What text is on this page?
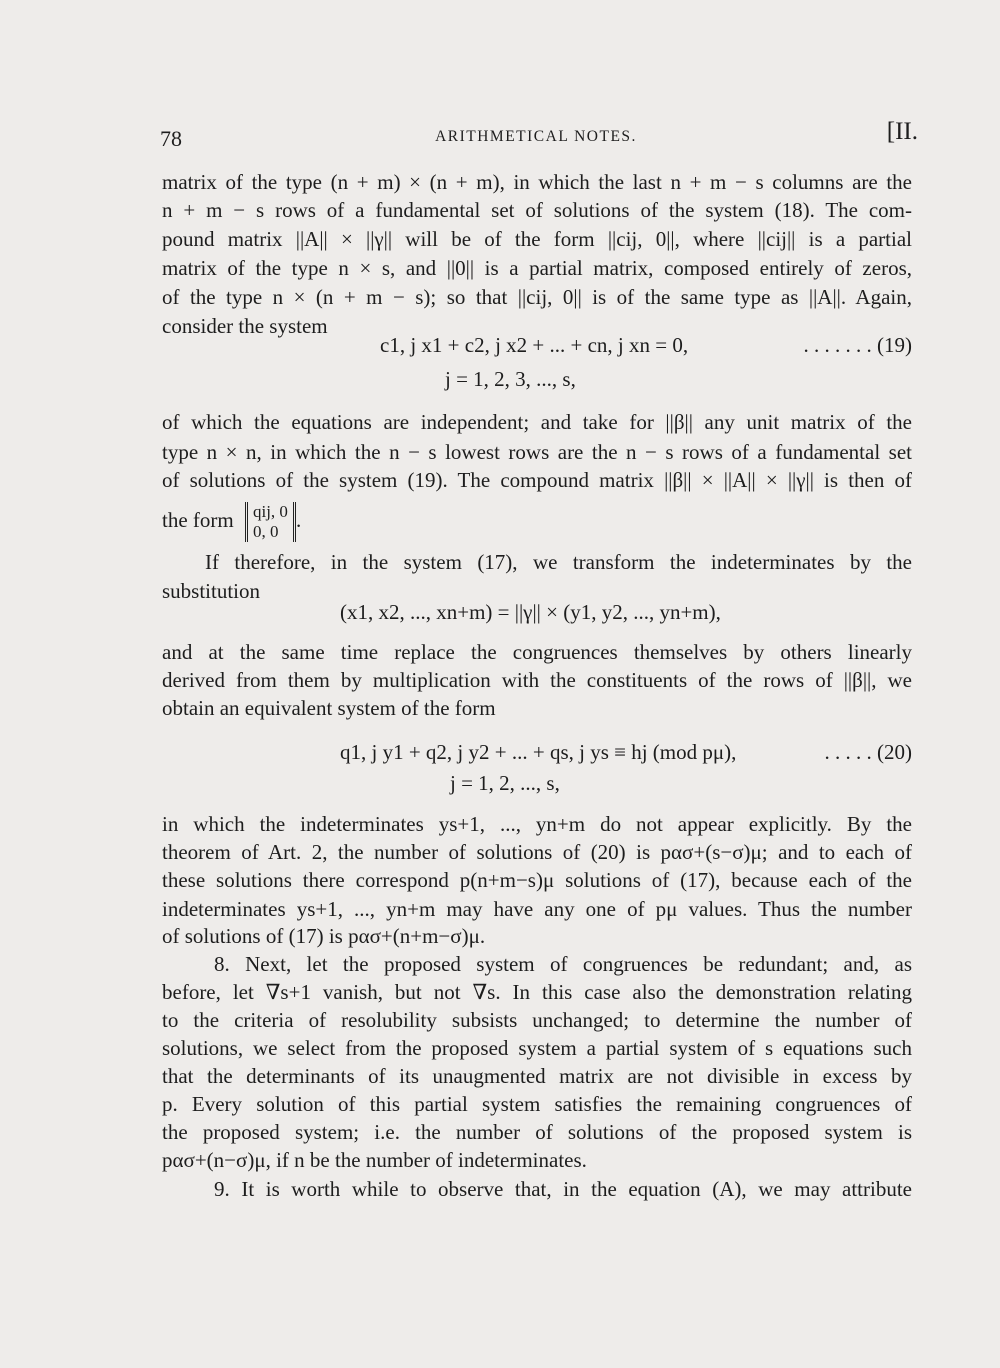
78	ARITHMETICAL NOTES.	[II.
matrix of the type (n + m) × (n + m), in which the last n + m − s columns are the
n + m − s rows of a fundamental set of solutions of the system (18). The com-
pound matrix ||A|| × ||γ|| will be of the form ||cij, 0||, where ||cij|| is a partial
matrix of the type n × s, and ||0|| is a partial matrix, composed entirely of zeros,
of the type n × (n + m − s); so that ||cij, 0|| is of the same type as ||A||. Again,
consider the system
c1, j x1 + c2, j x2 + ... + cn, j xn = 0,	. . . . . . . (19)
j = 1, 2, 3, ..., s,
of which the equations are independent; and take for ||β|| any unit matrix of the
type n × n, in which the n − s lowest rows are the n − s rows of a fundamental set
of solutions of the system (19). The compound matrix ||β|| × ||A|| × ||γ|| is then of
the form qij, 0
0, 0 .
If therefore, in the system (17), we transform the indeterminates by the
substitution
(x1, x2, ..., xn+m) = ||γ|| × (y1, y2, ..., yn+m),
and at the same time replace the congruences themselves by others linearly
derived from them by multiplication with the constituents of the rows of ||β||, we
obtain an equivalent system of the form
q1, j y1 + q2, j y2 + ... + qs, j ys ≡ hj (mod pμ),	. . . . . (20)
j = 1, 2, ..., s,
in which the indeterminates ys+1, ..., yn+m do not appear explicitly. By the
theorem of Art. 2, the number of solutions of (20) is pασ+(s−σ)μ; and to each of
these solutions there correspond p(n+m−s)μ solutions of (17), because each of the
indeterminates ys+1, ..., yn+m may have any one of pμ values. Thus the number
of solutions of (17) is pασ+(n+m−σ)μ.
8. Next, let the proposed system of congruences be redundant; and, as
before, let ∇s+1 vanish, but not ∇s. In this case also the demonstration relating
to the criteria of resolubility subsists unchanged; to determine the number of
solutions, we select from the proposed system a partial system of s equations such
that the determinants of its unaugmented matrix are not divisible in excess by
p. Every solution of this partial system satisfies the remaining congruences of
the proposed system; i.e. the number of solutions of the proposed system is
pασ+(n−σ)μ, if n be the number of indeterminates.
9. It is worth while to observe that, in the equation (A), we may attribute
